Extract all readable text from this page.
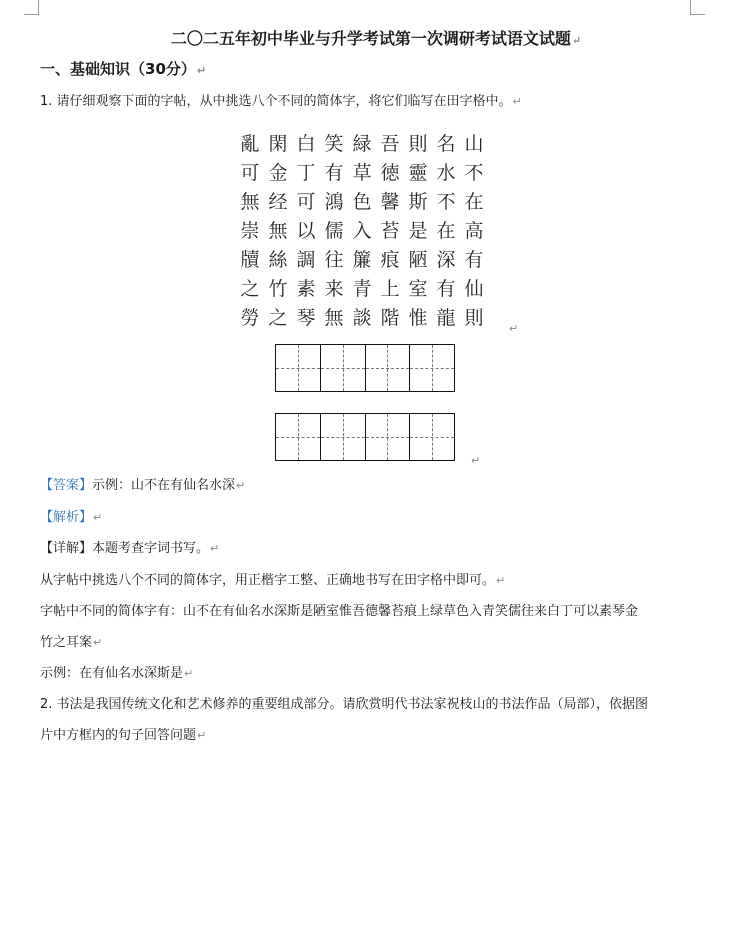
二〇二五年初中毕业与升学考试第一次调研考试语文试题↵
一、基础知识（30分）↵
1. 请仔细观察下面的字帖，从中挑选八个不同的简体字，将它们临写在田字格中。↵
亂 閑 白 笑 緑 吾 則 名 山
可 金 丁 有 草 徳 靈 水 不
無 经 可 鴻 色 馨 斯 不 在
崇 無 以 儒 入 苔 是 在 高
牘 絲 調 往 簾 痕 陋 深 有
之 竹 素 来 青 上 室 有 仙
勞 之 琴 無 談 階 惟 龍 則	↵
↵
【答案】示例：山不在有仙名水深↵
【解析】↵
【详解】本题考查字词书写。↵
从字帖中挑选八个不同的简体字，用正楷字工整、正确地书写在田字格中即可。↵
字帖中不同的简体字有：山不在有仙名水深斯是陋室惟吾德馨苔痕上绿草色入青笑儒往来白丁可以素琴金
竹之耳案↵
示例：在有仙名水深斯是↵
2. 书法是我国传统文化和艺术修养的重要组成部分。请欣赏明代书法家祝枝山的书法作品（局部），依据图
片中方框内的句子回答问题↵
